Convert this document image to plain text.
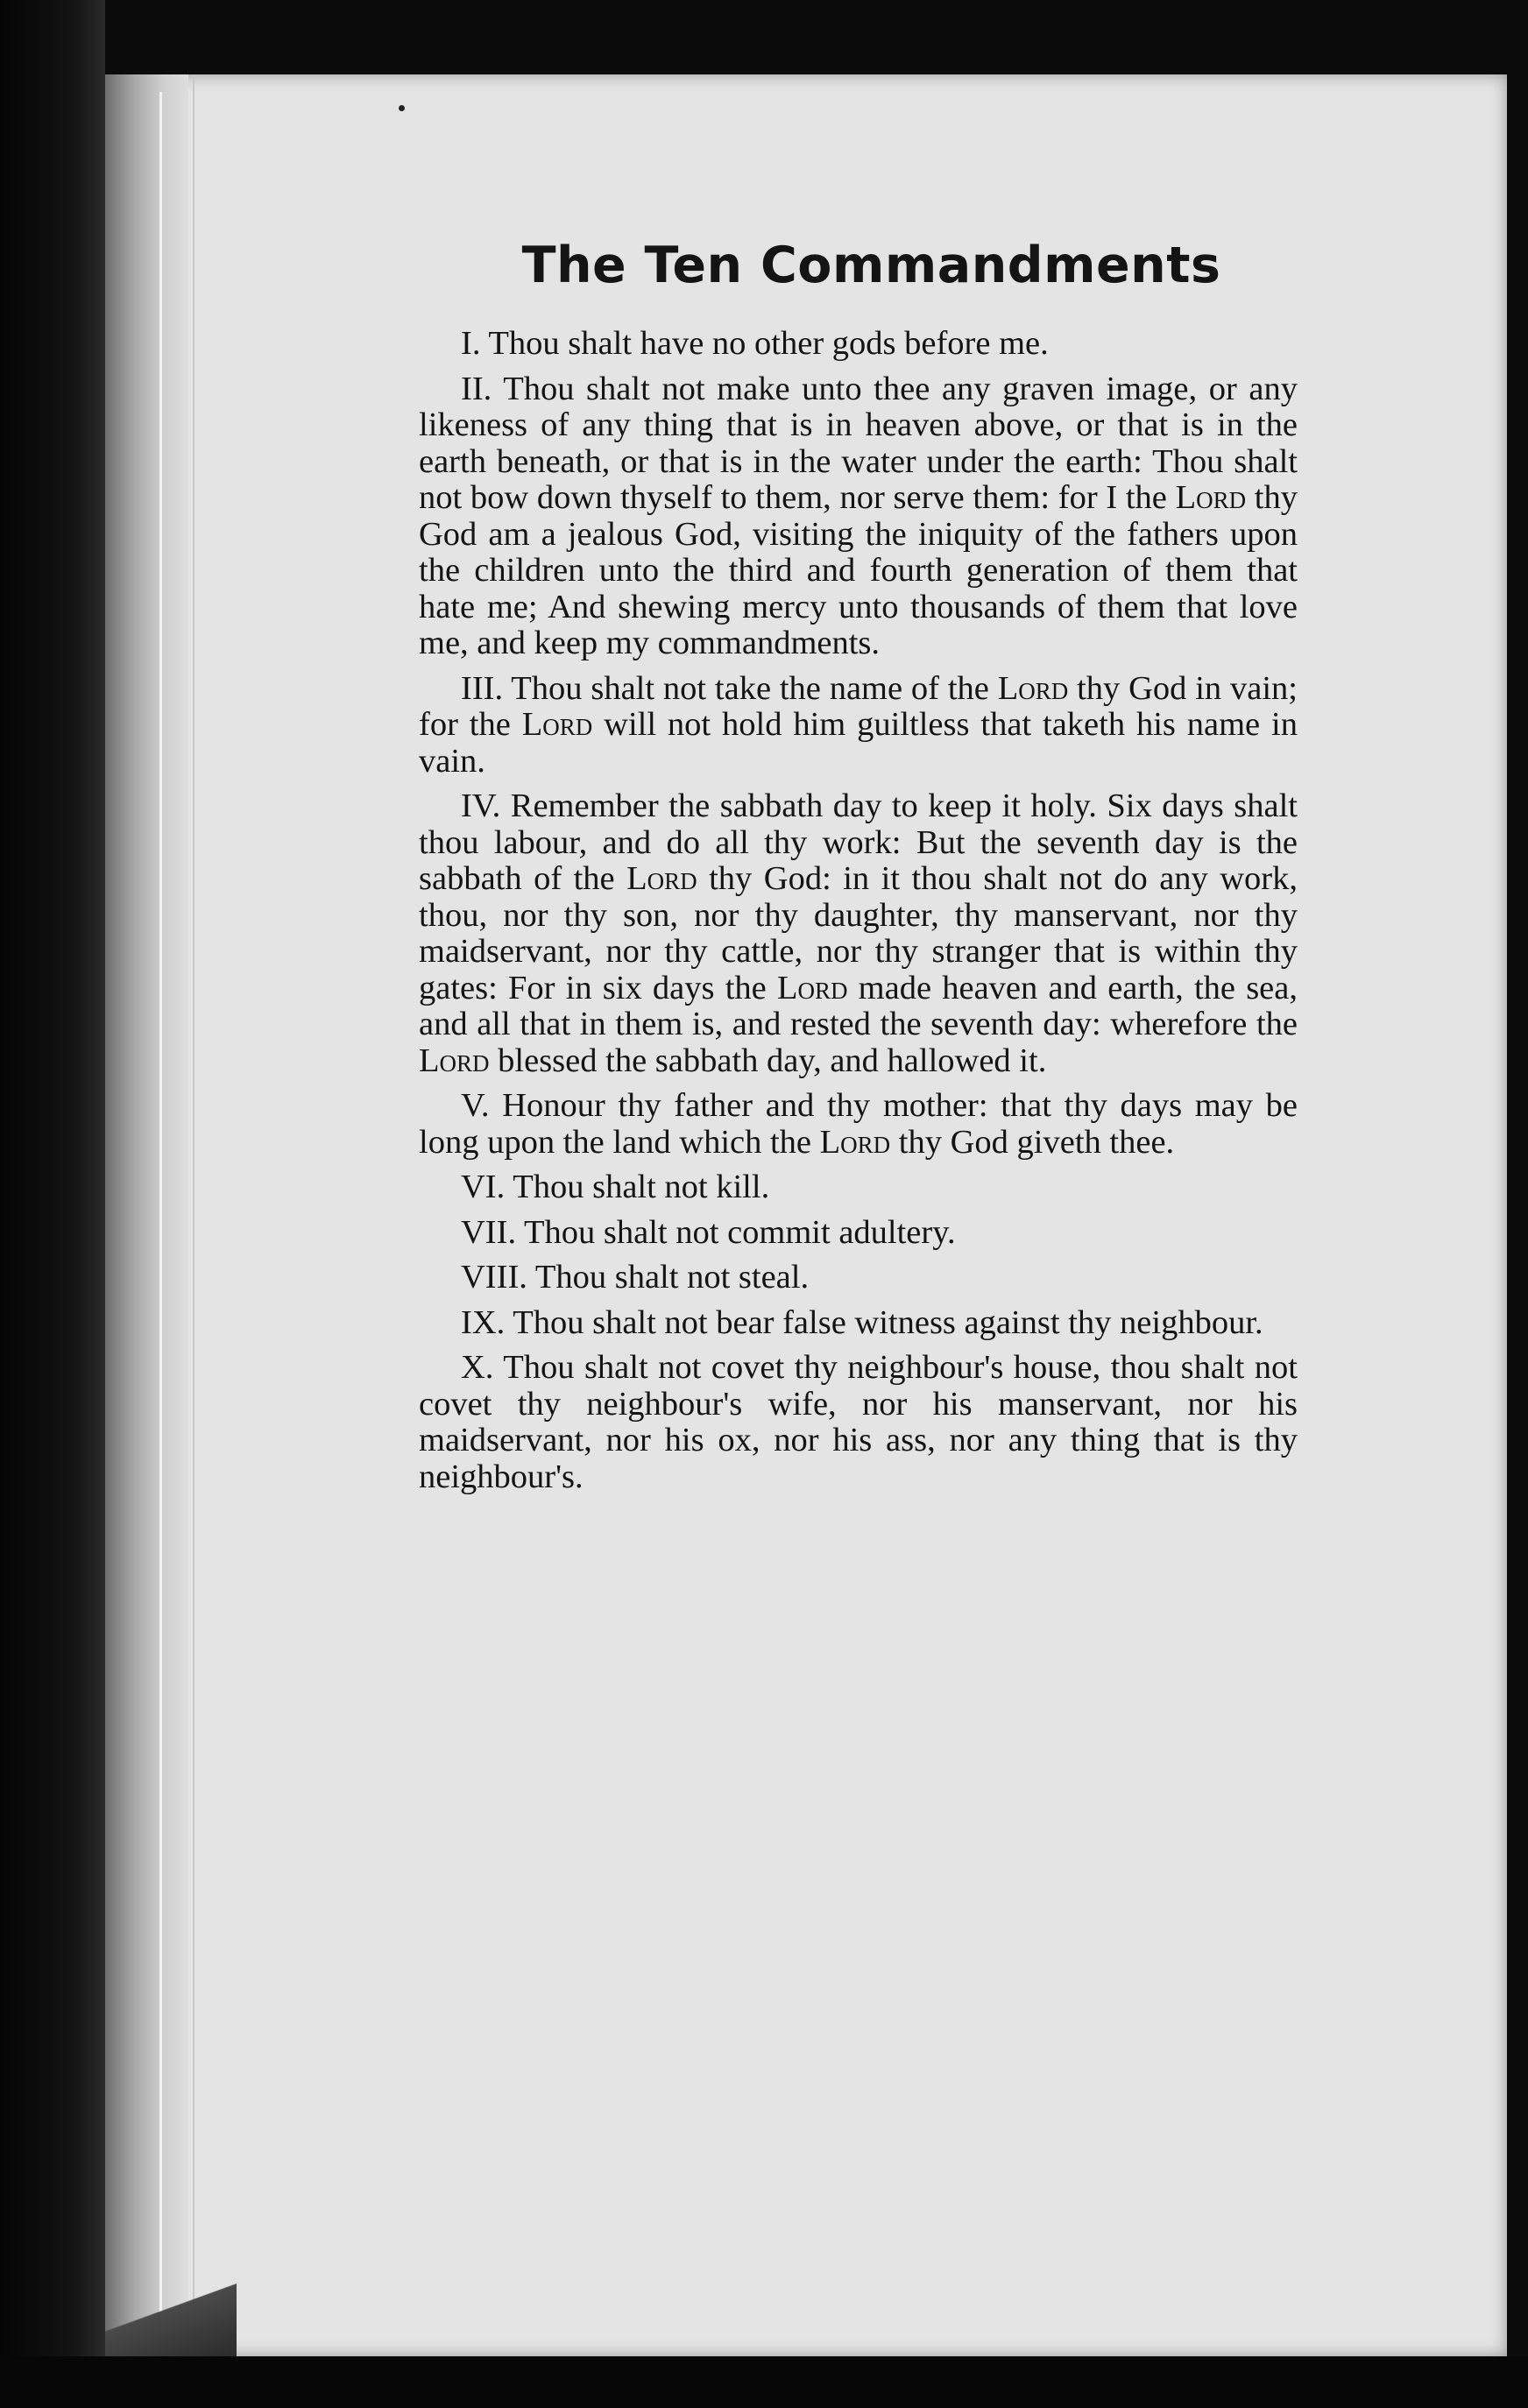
The Ten Commandments

I. Thou shalt have no other gods before me.

II. Thou shalt not make unto thee any graven image, or any likeness of any thing that is in heaven above, or that is in the earth beneath, or that is in the water under the earth: Thou shalt not bow down thyself to them, nor serve them: for I the Lord thy God am a jealous God, visiting the iniquity of the fathers upon the children unto the third and fourth generation of them that hate me; And shewing mercy unto thousands of them that love me, and keep my commandments.

III. Thou shalt not take the name of the Lord thy God in vain; for the Lord will not hold him guiltless that taketh his name in vain.

IV. Remember the sabbath day to keep it holy. Six days shalt thou labour, and do all thy work: But the seventh day is the sabbath of the Lord thy God: in it thou shalt not do any work, thou, nor thy son, nor thy daughter, thy manservant, nor thy maidservant, nor thy cattle, nor thy stranger that is within thy gates: For in six days the Lord made heaven and earth, the sea, and all that in them is, and rested the seventh day: wherefore the Lord blessed the sabbath day, and hallowed it.

V. Honour thy father and thy mother: that thy days may be long upon the land which the Lord thy God giveth thee.

VI. Thou shalt not kill.

VII. Thou shalt not commit adultery.

VIII. Thou shalt not steal.

IX. Thou shalt not bear false witness against thy neighbour.

X. Thou shalt not covet thy neighbour's house, thou shalt not covet thy neighbour's wife, nor his manservant, nor his maidservant, nor his ox, nor his ass, nor any thing that is thy neighbour's.
